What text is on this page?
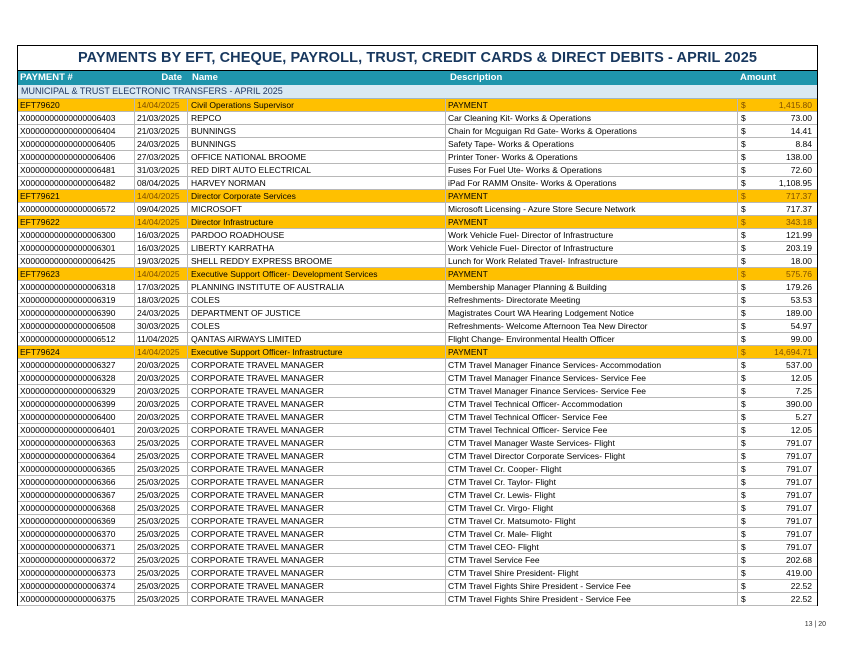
PAYMENTS BY EFT, CHEQUE, PAYROLL, TRUST, CREDIT CARDS & DIRECT DEBITS - APRIL 2025
PAYMENT #	Date	Name	Description	Amount
MUNICIPAL & TRUST ELECTRONIC TRANSFERS - APRIL 2025
EFT79620	14/04/2025	Civil Operations Supervisor	PAYMENT	$	1,415.80
X0000000000000006403	21/03/2025	REPCO	Car Cleaning Kit- Works & Operations	$	73.00
X0000000000000006404	21/03/2025	BUNNINGS	Chain for Mcguigan Rd Gate- Works & Operations	$	14.41
X0000000000000006405	24/03/2025	BUNNINGS	Safety Tape- Works & Operations	$	8.84
X0000000000000006406	27/03/2025	OFFICE NATIONAL BROOME	Printer Toner- Works & Operations	$	138.00
X0000000000000006481	31/03/2025	RED DIRT AUTO ELECTRICAL	Fuses For Fuel Ute- Works & Operations	$	72.60
X0000000000000006482	08/04/2025	HARVEY NORMAN	iPad For RAMM Onsite- Works & Operations	$	1,108.95
EFT79621	14/04/2025	Director Corporate Services	PAYMENT	$	717.37
X0000000000000006572	09/04/2025	MICROSOFT	Microsoft Licensing - Azure Store Secure Network	$	717.37
EFT79622	14/04/2025	Director Infrastructure	PAYMENT	$	343.18
X0000000000000006300	16/03/2025	PARDOO ROADHOUSE	Work Vehicle Fuel- Director of Infrastructure	$	121.99
X0000000000000006301	16/03/2025	LIBERTY KARRATHA	Work Vehicle Fuel- Director of Infrastructure	$	203.19
X0000000000000006425	19/03/2025	SHELL REDDY EXPRESS BROOME	Lunch for Work Related Travel- Infrastructure	$	18.00
EFT79623	14/04/2025	Executive Support Officer- Development Services	PAYMENT	$	575.76
X0000000000000006318	17/03/2025	PLANNING INSTITUTE OF AUSTRALIA	Membership Manager Planning & Building	$	179.26
X0000000000000006319	18/03/2025	COLES	Refreshments- Directorate Meeting	$	53.53
X0000000000000006390	24/03/2025	DEPARTMENT OF JUSTICE	Magistrates Court WA Hearing Lodgement Notice	$	189.00
X0000000000000006508	30/03/2025	COLES	Refreshments- Welcome Afternoon Tea New Director	$	54.97
X0000000000000006512	11/04/2025	QANTAS AIRWAYS LIMITED	Flight Change- Environmental Health Officer	$	99.00
EFT79624	14/04/2025	Executive Support Officer- Infrastructure	PAYMENT	$	14,694.71
X0000000000000006327	20/03/2025	CORPORATE TRAVEL MANAGER	CTM Travel Manager Finance Services- Accommodation	$	537.00
X0000000000000006328	20/03/2025	CORPORATE TRAVEL MANAGER	CTM Travel Manager Finance Services- Service Fee	$	12.05
X0000000000000006329	20/03/2025	CORPORATE TRAVEL MANAGER	CTM Travel Manager Finance Services- Service Fee	$	7.25
X0000000000000006399	20/03/2025	CORPORATE TRAVEL MANAGER	CTM Travel Technical Officer- Accommodation	$	390.00
X0000000000000006400	20/03/2025	CORPORATE TRAVEL MANAGER	CTM Travel Technical Officer- Service Fee	$	5.27
X0000000000000006401	20/03/2025	CORPORATE TRAVEL MANAGER	CTM Travel Technical Officer- Service Fee	$	12.05
X0000000000000006363	25/03/2025	CORPORATE TRAVEL MANAGER	CTM Travel Manager Waste Services- Flight	$	791.07
X0000000000000006364	25/03/2025	CORPORATE TRAVEL MANAGER	CTM Travel Director Corporate Services- Flight	$	791.07
X0000000000000006365	25/03/2025	CORPORATE TRAVEL MANAGER	CTM Travel Cr. Cooper- Flight	$	791.07
X0000000000000006366	25/03/2025	CORPORATE TRAVEL MANAGER	CTM Travel Cr. Taylor- Flight	$	791.07
X0000000000000006367	25/03/2025	CORPORATE TRAVEL MANAGER	CTM Travel Cr. Lewis- Flight	$	791.07
X0000000000000006368	25/03/2025	CORPORATE TRAVEL MANAGER	CTM Travel Cr. Virgo- Flight	$	791.07
X0000000000000006369	25/03/2025	CORPORATE TRAVEL MANAGER	CTM Travel Cr. Matsumoto- Flight	$	791.07
X0000000000000006370	25/03/2025	CORPORATE TRAVEL MANAGER	CTM Travel Cr. Male- Flight	$	791.07
X0000000000000006371	25/03/2025	CORPORATE TRAVEL MANAGER	CTM Travel CEO- Flight	$	791.07
X0000000000000006372	25/03/2025	CORPORATE TRAVEL MANAGER	CTM Travel Service Fee	$	202.68
X0000000000000006373	25/03/2025	CORPORATE TRAVEL MANAGER	CTM Travel Shire President- Flight	$	419.00
X0000000000000006374	25/03/2025	CORPORATE TRAVEL MANAGER	CTM Travel Fights Shire President - Service Fee	$	22.52
X0000000000000006375	25/03/2025	CORPORATE TRAVEL MANAGER	CTM Travel Fights Shire President - Service Fee	$	22.52
13 | 20
